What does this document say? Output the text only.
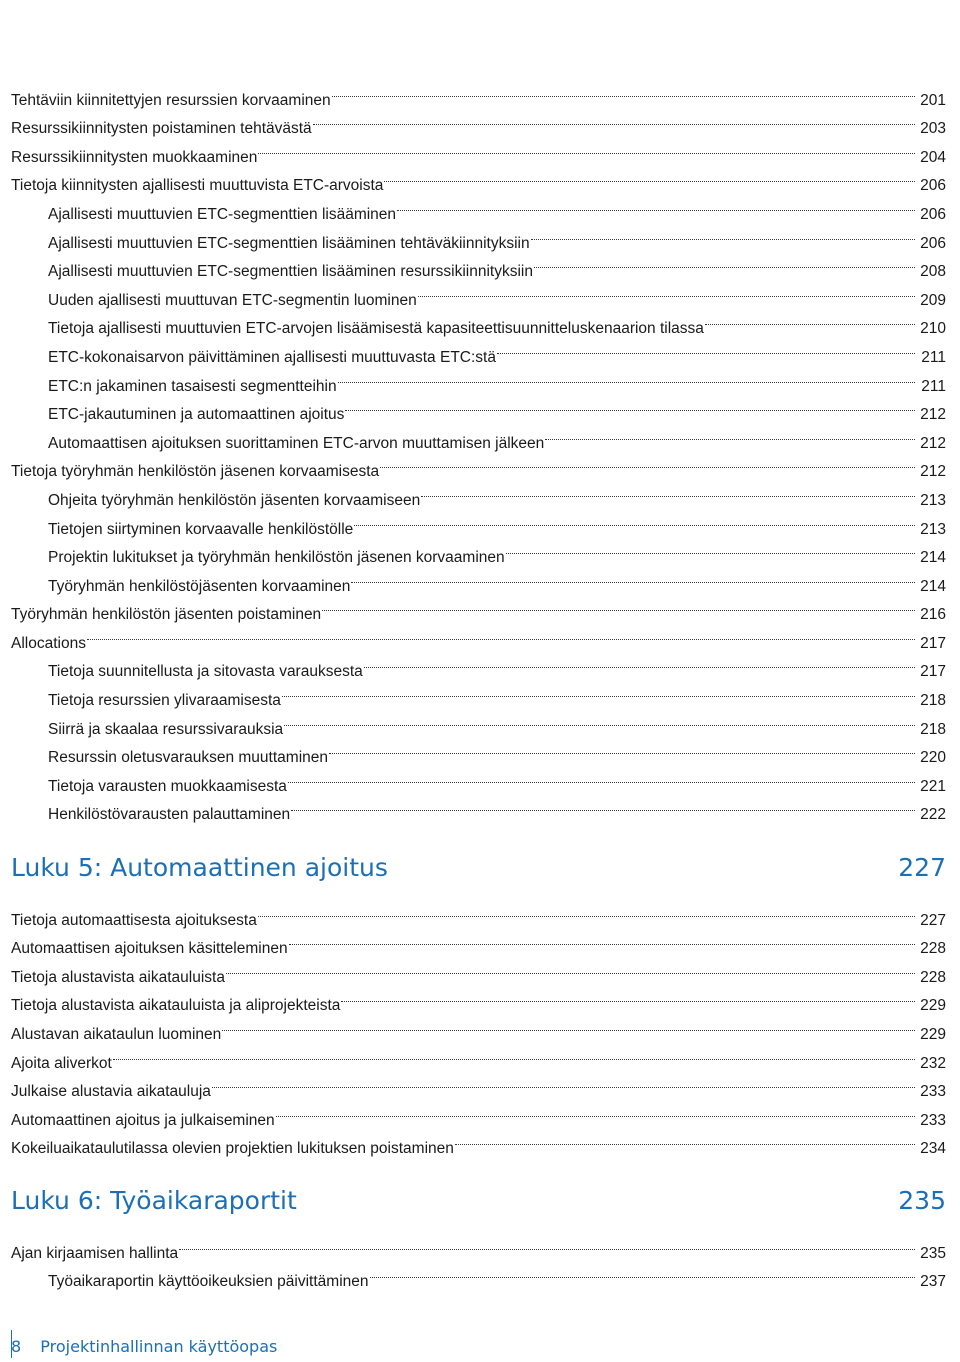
Tehtäviin kiinnitettyjen resurssien korvaaminen	201
Resurssikiinnitysten poistaminen tehtävästä	203
Resurssikiinnitysten muokkaaminen	204
Tietoja kiinnitysten ajallisesti muuttuvista ETC-arvoista	206
Ajallisesti muuttuvien ETC-segmenttien lisääminen	206
Ajallisesti muuttuvien ETC-segmenttien lisääminen tehtäväkiinnityksiin	206
Ajallisesti muuttuvien ETC-segmenttien lisääminen resurssikiinnityksiin	208
Uuden ajallisesti muuttuvan ETC-segmentin luominen	209
Tietoja ajallisesti muuttuvien ETC-arvojen lisäämisestä kapasiteettisuunnitteluskenaarion tilassa	210
ETC-kokonaisarvon päivittäminen ajallisesti muuttuvasta ETC:stä	211
ETC:n jakaminen tasaisesti segmentteihin	211
ETC-jakautuminen ja automaattinen ajoitus	212
Automaattisen ajoituksen suorittaminen ETC-arvon muuttamisen jälkeen	212
Tietoja työryhmän henkilöstön jäsenen korvaamisesta	212
Ohjeita työryhmän henkilöstön jäsenten korvaamiseen	213
Tietojen siirtyminen korvaavalle henkilöstölle	213
Projektin lukitukset ja työryhmän henkilöstön jäsenen korvaaminen	214
Työryhmän henkilöstöjäsenten korvaaminen	214
Työryhmän henkilöstön jäsenten poistaminen	216
Allocations	217
Tietoja suunnitellusta ja sitovasta varauksesta	217
Tietoja resurssien ylivaraamisesta	218
Siirrä ja skaalaa resurssivarauksia	218
Resurssin oletusvarauksen muuttaminen	220
Tietoja varausten muokkaamisesta	221
Henkilöstövarausten palauttaminen	222
Luku 5: Automaattinen ajoitus	227
Tietoja automaattisesta ajoituksesta	227
Automaattisen ajoituksen käsitteleminen	228
Tietoja alustavista aikatauluista	228
Tietoja alustavista aikatauluista ja aliprojekteista	229
Alustavan aikataulun luominen	229
Ajoita aliverkot	232
Julkaise alustavia aikatauluja	233
Automaattinen ajoitus ja julkaiseminen	233
Kokeiluaikataulutilassa olevien projektien lukituksen poistaminen	234
Luku 6: Työaikaraportit	235
Ajan kirjaamisen hallinta	235
Työaikaraportin käyttöoikeuksien päivittäminen	237
8 Projektinhallinnan käyttöopas
